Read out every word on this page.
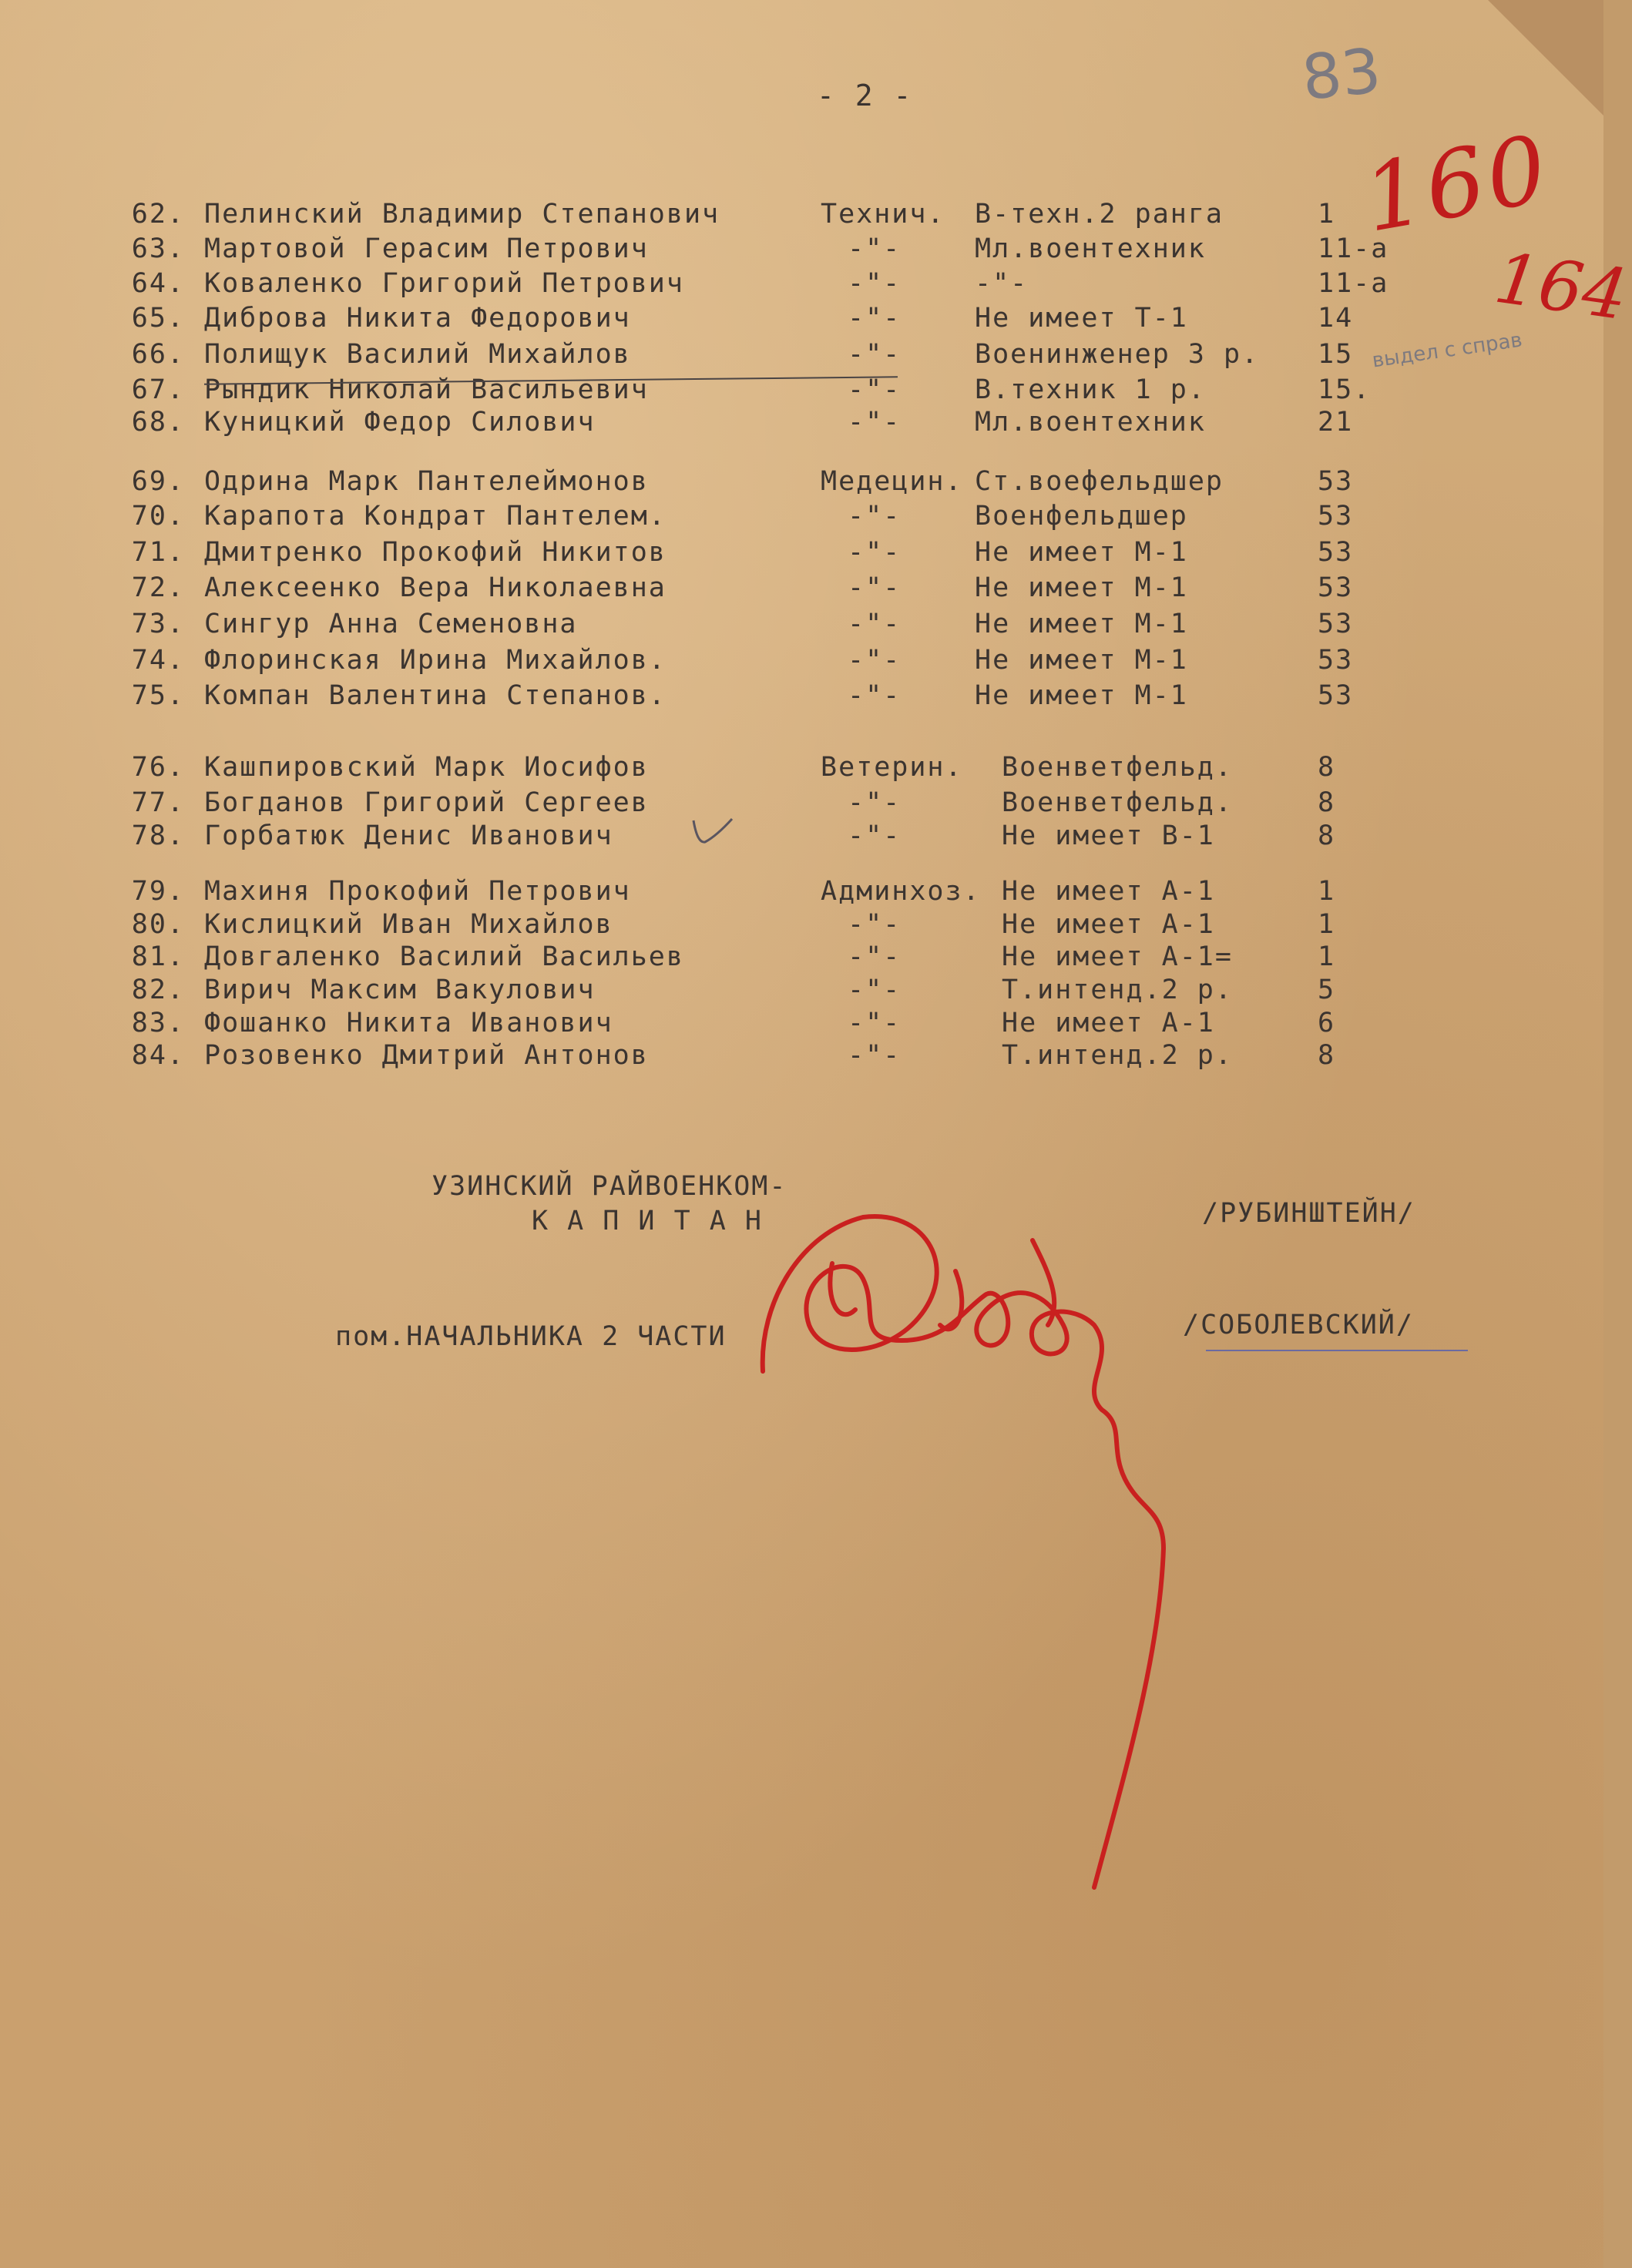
- 2 -
62. Пелинский Владимир Степанович	Технич. В-техн.2 ранга	1
63. Мартовой Герасим Петрович	-"-	Мл.воентехник	11-а
64. Коваленко Григорий Петрович	-"-	-"-	11-а
65. Диброва Никита Федорович	-"-	Не имеет Т-1	14
66. Полищук Василий Михайлов	-"-	Военинженер 3 р. 15
67. Рындик Николай Васильевич	-"-	В.техник 1 р.	15.
68. Куницкий Федор Силович	-"-	Мл.воентехник	21
69. Одрина Марк Пантелеймонов	Медецин. Ст.воефельдшер	53
70. Карапота Кондрат Пантелем.	-"-	Военфельдшер	53
71. Дмитренко Прокофий Никитов	-"-	Не имеет М-1	53
72. Алексеенко Вера Николаевна	-"-	Не имеет М-1	53
73. Сингур Анна Семеновна	-"-	Не имеет М-1	53
74. Флоринская Ирина Михайлов.	-"-	Не имеет М-1	53
75. Компан Валентина Степанов.	-"-	Не имеет М-1	53
76. Кашпировский Марк Иосифов	Ветерин. Военветфельд.	8
77. Богданов Григорий Сергеев	-"-	Военветфельд.	8
78. Горбатюк Денис Иванович	-"-	Не имеет В-1	8
79. Махиня Прокофий Петрович	Админхоз. Не имеет А-1	1
80. Кислицкий Иван Михайлов	-"-	Не имеет А-1	1
81. Довгаленко Василий Васильев	-"-	Не имеет А-1=	1
82. Вирич Максим Вакулович	-"-	Т.интенд.2 р.	5
83. Фошанко Никита Иванович	-"-	Не имеет А-1	6
84. Розовенко Дмитрий Антонов	-"-	Т.интенд.2 р.	8
выдел с справ
83
160
164
УЗИНСКИЙ РАЙВОЕНКОМ-
К А П И Т А Н	/РУБИНШТЕЙН/
пом.НАЧАЛЬНИКА 2 ЧАСТИ	/СОБОЛЕВСКИЙ/
